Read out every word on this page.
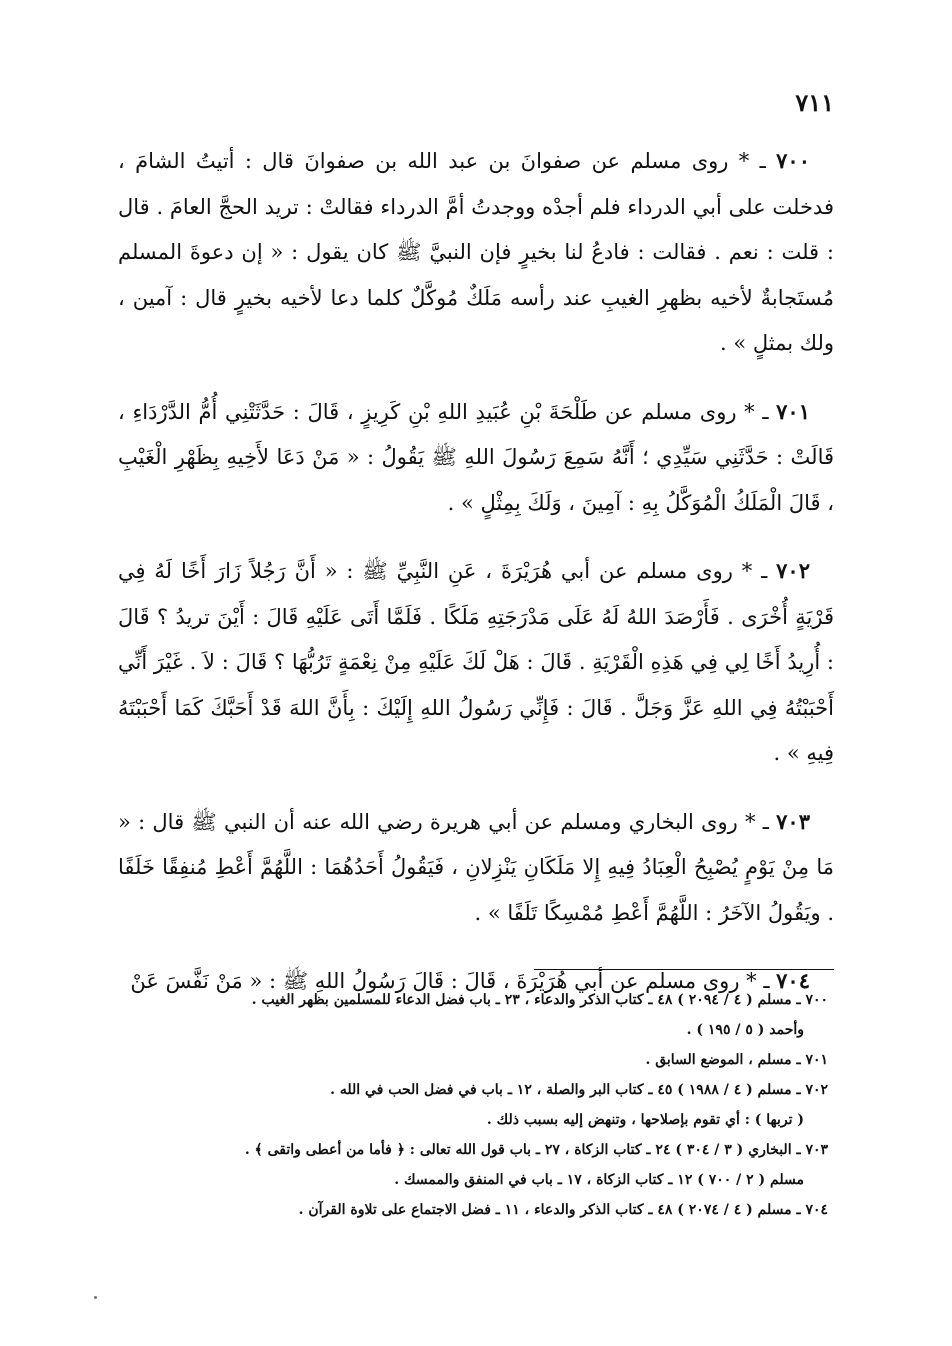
٧١١

٧٠٠ ـ * روى مسلم عن صفوانَ بن عبد الله بن صفوانَ قال : أتيتُ الشامَ ، فدخلت على أبي الدرداء فلم أجدْه ووجدتُ أمَّ الدرداء فقالتْ : تريد الحجَّ العامَ . قال : قلت : نعم . فقالت : فادعُ لنا بخيرٍ فإن النبيَّ ﷺ كان يقول : « إن دعوةَ المسلم مُستَجابةٌ لأخيه بظهرِ الغيبِ عند رأسه مَلَكٌ مُوكَّلٌ كلما دعا لأخيه بخيرٍ قال : آمين ، ولك بمثلٍ » .

٧٠١ ـ * روى مسلم عن طَلْحَةَ بْنِ عُبَيدِ اللهِ بْنِ كَرِيزٍ ، قَالَ : حَدَّثَتْنِي أُمُّ الدَّرْدَاءِ ، قَالَتْ : حَدَّثَنِي سَيِّدِي ؛ أَنَّهُ سَمِعَ رَسُولَ اللهِ ﷺ يَقُولُ : « مَنْ دَعَا لأَخِيهِ بِظَهْرِ الْغَيْبِ ، قَالَ الْمَلَكُ الْمُوَكَّلُ بِهِ : آمِينَ ، وَلَكَ بِمِثْلٍ » .

٧٠٢ ـ * روى مسلم عن أبي هُرَيْرَةَ ، عَنِ النَّبِيِّ ﷺ : « أَنَّ رَجُلاً زَارَ أَخًا لَهُ فِي قَرْيَةٍ أُخْرَى . فَأَرْصَدَ اللهُ لَهُ عَلَى مَدْرَجَتِهِ مَلَكًا . فَلَمَّا أَتَى عَلَيْهِ قَالَ : أَيْنَ تريدُ ؟ قَالَ : أُرِيدُ أَخًا لِي فِي هَذِهِ الْقَرْيَةِ . قَالَ : هَلْ لَكَ عَلَيْهِ مِنْ نِعْمَةٍ تَرُبُّهَا ؟ قَالَ : لاَ . غَيْرَ أَنِّي أَحْبَبْتُهُ فِي اللهِ عَزَّ وَجَلَّ . قَالَ : فَإِنِّي رَسُولُ اللهِ إِلَيْكَ : بِأَنَّ اللهَ قَدْ أَحَبَّكَ كَمَا أَحْبَبْتَهُ فِيهِ » .

٧٠٣ ـ * روى البخاري ومسلم عن أبي هريرة رضي الله عنه أن النبي ﷺ قال : « مَا مِنْ يَوْمٍ يُصْبِحُ الْعِبَادُ فِيهِ إِلا مَلَكَانِ يَنْزِلانِ ، فَيَقُولُ أَحَدُهُمَا : اللَّهُمَّ أَعْطِ مُنفِقًا خَلَفًا . ويَقُولُ الآخَرُ : اللَّهُمَّ أَعْطِ مُمْسِكًا تَلَفًا » .

٧٠٤ ـ * روى مسلم عن أبي هُرَيْرَةَ ، قَالَ : قَالَ رَسُولُ اللهِ ﷺ : « مَنْ نَفَّسَ عَنْ

٧٠٠ ـ مسلم ( ٤ / ٢٠٩٤ ) ٤٨ ـ كتاب الذكر والدعاء ، ٢٣ ـ باب فضل الدعاء للمسلمين بظهر الغيب .

وأحمد ( ٥ / ١٩٥ ) .

٧٠١ ـ مسلم ، الموضع السابق .

٧٠٢ ـ مسلم ( ٤ / ١٩٨٨ ) ٤٥ ـ كتاب البر والصلة ، ١٢ ـ باب في فضل الحب في الله .

( تربها ) : أي تقوم بإصلاحها ، وتنهض إليه بسبب ذلك .

٧٠٣ ـ البخاري ( ٣ / ٣٠٤ ) ٢٤ ـ كتاب الزكاة ، ٢٧ ـ باب قول الله تعالى : ﴿ فأما من أعطى واتقى ﴾ .

مسلم ( ٢ / ٧٠٠ ) ١٢ ـ كتاب الزكاة ، ١٧ ـ باب في المنفق والممسك .

٧٠٤ ـ مسلم ( ٤ / ٢٠٧٤ ) ٤٨ ـ كتاب الذكر والدعاء ، ١١ ـ فضل الاجتماع على تلاوة القرآن .
